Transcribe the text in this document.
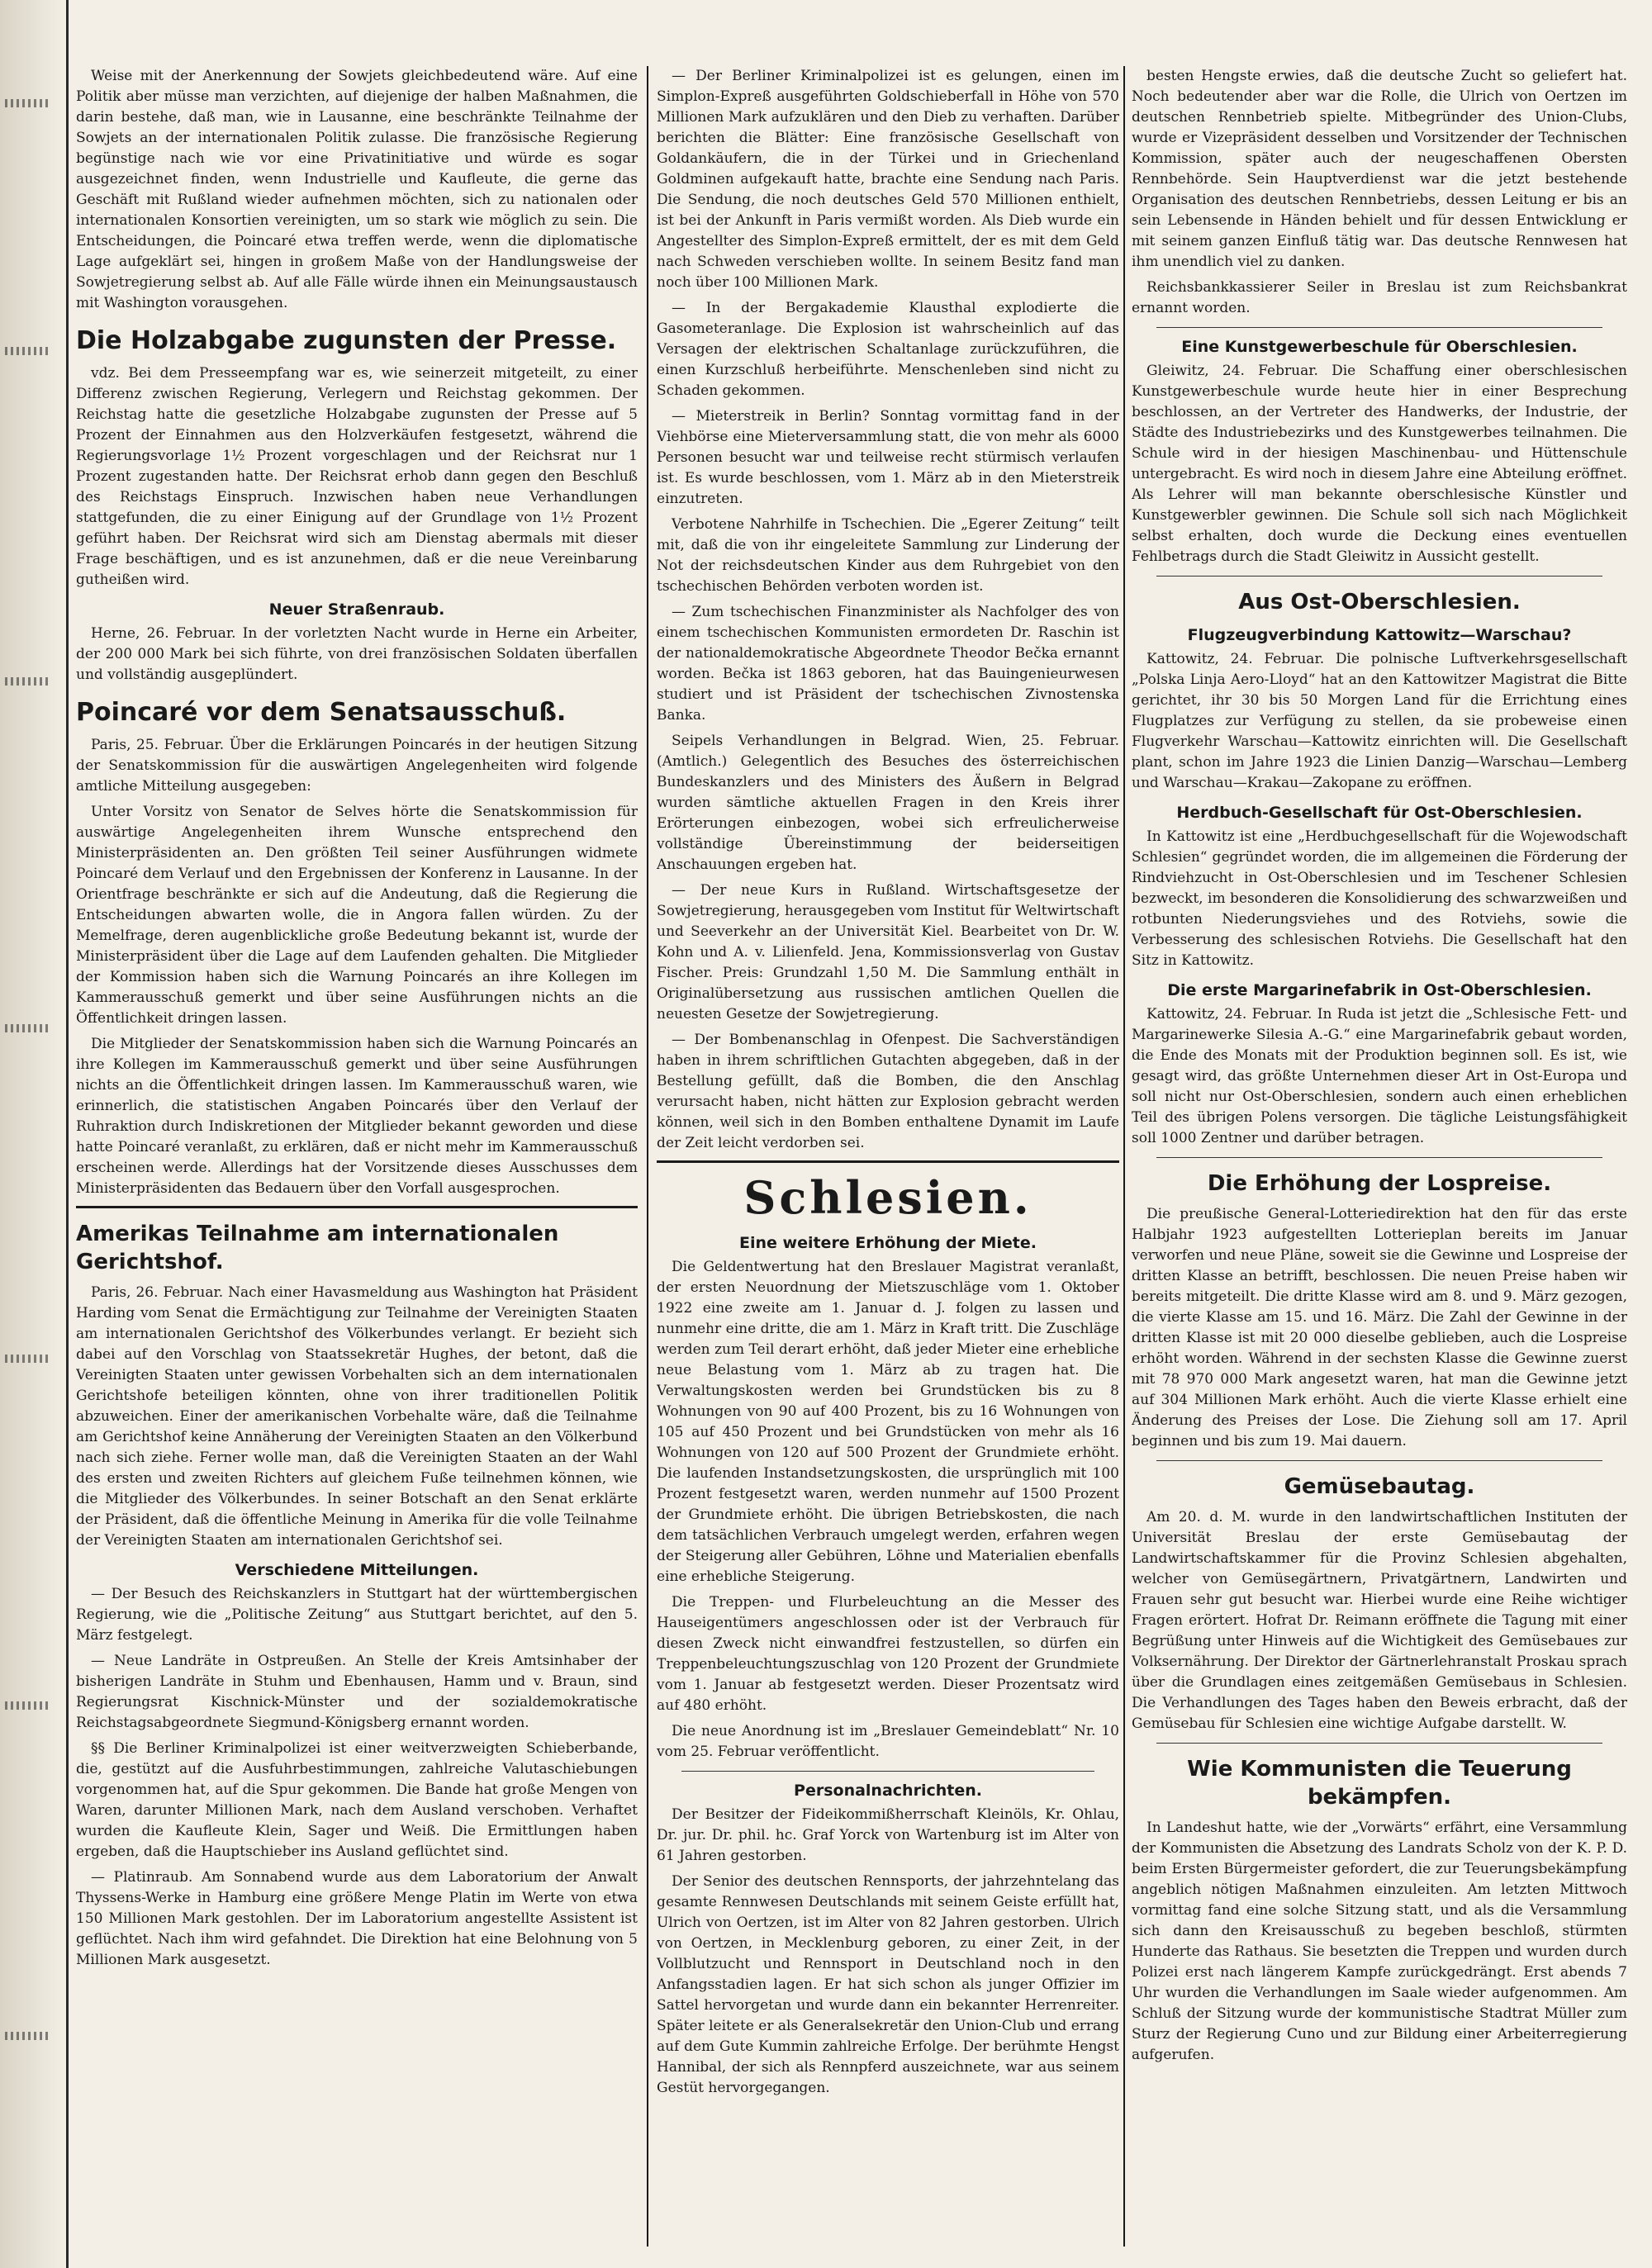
Weise mit der Anerkennung der Sowjets gleichbedeutend wäre. Auf eine Politik aber müsse man verzichten, auf diejenige der halben Maßnahmen, die darin bestehe, daß man, wie in Lausanne, eine beschränkte Teilnahme der Sowjets an der internationalen Politik zulasse. Die französische Regierung begünstige nach wie vor eine Privatinitiative und würde es sogar ausgezeichnet finden, wenn Industrielle und Kaufleute, die gerne das Geschäft mit Rußland wieder aufnehmen möchten, sich zu nationalen oder internationalen Konsortien vereinigten, um so stark wie möglich zu sein. Die Entscheidungen, die Poincaré etwa treffen werde, wenn die diplomatische Lage aufgeklärt sei, hingen in großem Maße von der Handlungsweise der Sowjetregierung selbst ab. Auf alle Fälle würde ihnen ein Meinungsaustausch mit Washington vorausgehen.

Die Holzabgabe zugunsten der Presse.

vdz. Bei dem Presseempfang war es, wie seinerzeit mitgeteilt, zu einer Differenz zwischen Regierung, Verlegern und Reichstag gekommen. Der Reichstag hatte die gesetzliche Holzabgabe zugunsten der Presse auf 5 Prozent der Einnahmen aus den Holzverkäufen festgesetzt, während die Regierungsvorlage 1½ Prozent vorgeschlagen und der Reichsrat nur 1 Prozent zugestanden hatte. Der Reichsrat erhob dann gegen den Beschluß des Reichstags Einspruch. Inzwischen haben neue Verhandlungen stattgefunden, die zu einer Einigung auf der Grundlage von 1½ Prozent geführt haben. Der Reichsrat wird sich am Dienstag abermals mit dieser Frage beschäftigen, und es ist anzunehmen, daß er die neue Vereinbarung gutheißen wird.

Neuer Straßenraub.

Herne, 26. Februar. In der vorletzten Nacht wurde in Herne ein Arbeiter, der 200 000 Mark bei sich führte, von drei französischen Soldaten überfallen und vollständig ausgeplündert.

Poincaré vor dem Senatsausschuß.

Paris, 25. Februar. Über die Erklärungen Poincarés in der heutigen Sitzung der Senatskommission für die auswärtigen Angelegenheiten wird folgende amtliche Mitteilung ausgegeben:

Unter Vorsitz von Senator de Selves hörte die Senatskommission für auswärtige Angelegenheiten ihrem Wunsche entsprechend den Ministerpräsidenten an. Den größten Teil seiner Ausführungen widmete Poincaré dem Verlauf und den Ergebnissen der Konferenz in Lausanne. In der Orientfrage beschränkte er sich auf die Andeutung, daß die Regierung die Entscheidungen abwarten wolle, die in Angora fallen würden. Zu der Memelfrage, deren augenblickliche große Bedeutung bekannt ist, wurde der Ministerpräsident über die Lage auf dem Laufenden gehalten. Die Mitglieder der Kommission haben sich die Warnung Poincarés an ihre Kollegen im Kammerausschuß gemerkt und über seine Ausführungen nichts an die Öffentlichkeit dringen lassen.

Die Mitglieder der Senatskommission haben sich die Warnung Poincarés an ihre Kollegen im Kammerausschuß gemerkt und über seine Ausführungen nichts an die Öffentlichkeit dringen lassen. Im Kammerausschuß waren, wie erinnerlich, die statistischen Angaben Poincarés über den Verlauf der Ruhraktion durch Indiskretionen der Mitglieder bekannt geworden und diese hatte Poincaré veranlaßt, zu erklären, daß er nicht mehr im Kammerausschuß erscheinen werde. Allerdings hat der Vorsitzende dieses Ausschusses dem Ministerpräsidenten das Bedauern über den Vorfall ausgesprochen.

Amerikas Teilnahme am internationalen Gerichtshof.

Paris, 26. Februar. Nach einer Havasmeldung aus Washington hat Präsident Harding vom Senat die Ermächtigung zur Teilnahme der Vereinigten Staaten am internationalen Gerichtshof des Völkerbundes verlangt. Er bezieht sich dabei auf den Vorschlag von Staatssekretär Hughes, der betont, daß die Vereinigten Staaten unter gewissen Vorbehalten sich an dem internationalen Gerichtshofe beteiligen könnten, ohne von ihrer traditionellen Politik abzuweichen. Einer der amerikanischen Vorbehalte wäre, daß die Teilnahme am Gerichtshof keine Annäherung der Vereinigten Staaten an den Völkerbund nach sich ziehe. Ferner wolle man, daß die Vereinigten Staaten an der Wahl des ersten und zweiten Richters auf gleichem Fuße teilnehmen können, wie die Mitglieder des Völkerbundes. In seiner Botschaft an den Senat erklärte der Präsident, daß die öffentliche Meinung in Amerika für die volle Teilnahme der Vereinigten Staaten am internationalen Gerichtshof sei.

Verschiedene Mitteilungen.

— Der Besuch des Reichskanzlers in Stuttgart hat der württembergischen Regierung, wie die „Politische Zeitung“ aus Stuttgart berichtet, auf den 5. März festgelegt.

— Neue Landräte in Ostpreußen. An Stelle der Kreis Amtsinhaber der bisherigen Landräte in Stuhm und Ebenhausen, Hamm und v. Braun, sind Regierungsrat Kischnick-Münster und der sozialdemokratische Reichstagsabgeordnete Siegmund-Königsberg ernannt worden.

§§ Die Berliner Kriminalpolizei ist einer weitverzweigten Schieberbande, die, gestützt auf die Ausfuhrbestimmungen, zahlreiche Valutaschiebungen vorgenommen hat, auf die Spur gekommen. Die Bande hat große Mengen von Waren, darunter Millionen Mark, nach dem Ausland verschoben. Verhaftet wurden die Kaufleute Klein, Sager und Weiß. Die Ermittlungen haben ergeben, daß die Hauptschieber ins Ausland geflüchtet sind.

— Platinraub. Am Sonnabend wurde aus dem Laboratorium der Anwalt Thyssens-Werke in Hamburg eine größere Menge Platin im Werte von etwa 150 Millionen Mark gestohlen. Der im Laboratorium angestellte Assistent ist geflüchtet. Nach ihm wird gefahndet. Die Direktion hat eine Belohnung von 5 Millionen Mark ausgesetzt.

— Der Berliner Kriminalpolizei ist es gelungen, einen im Simplon-Expreß ausgeführten Goldschieberfall in Höhe von 570 Millionen Mark aufzuklären und den Dieb zu verhaften. Darüber berichten die Blätter: Eine französische Gesellschaft von Goldankäufern, die in der Türkei und in Griechenland Goldminen aufgekauft hatte, brachte eine Sendung nach Paris. Die Sendung, die noch deutsches Geld 570 Millionen enthielt, ist bei der Ankunft in Paris vermißt worden. Als Dieb wurde ein Angestellter des Simplon-Expreß ermittelt, der es mit dem Geld nach Schweden verschieben wollte. In seinem Besitz fand man noch über 100 Millionen Mark.

— In der Bergakademie Klausthal explodierte die Gasometeranlage. Die Explosion ist wahrscheinlich auf das Versagen der elektrischen Schaltanlage zurückzuführen, die einen Kurzschluß herbeiführte. Menschenleben sind nicht zu Schaden gekommen.

— Mieterstreik in Berlin? Sonntag vormittag fand in der Viehbörse eine Mieterversammlung statt, die von mehr als 6000 Personen besucht war und teilweise recht stürmisch verlaufen ist. Es wurde beschlossen, vom 1. März ab in den Mieterstreik einzutreten.

Verbotene Nahrhilfe in Tschechien. Die „Egerer Zeitung“ teilt mit, daß die von ihr eingeleitete Sammlung zur Linderung der Not der reichsdeutschen Kinder aus dem Ruhrgebiet von den tschechischen Behörden verboten worden ist.

— Zum tschechischen Finanzminister als Nachfolger des von einem tschechischen Kommunisten ermordeten Dr. Raschin ist der nationaldemokratische Abgeordnete Theodor Bečka ernannt worden. Bečka ist 1863 geboren, hat das Bauingenieurwesen studiert und ist Präsident der tschechischen Zivnostenska Banka.

Seipels Verhandlungen in Belgrad. Wien, 25. Februar. (Amtlich.) Gelegentlich des Besuches des österreichischen Bundeskanzlers und des Ministers des Äußern in Belgrad wurden sämtliche aktuellen Fragen in den Kreis ihrer Erörterungen einbezogen, wobei sich erfreulicherweise vollständige Übereinstimmung der beiderseitigen Anschauungen ergeben hat.

— Der neue Kurs in Rußland. Wirtschaftsgesetze der Sowjetregierung, herausgegeben vom Institut für Weltwirtschaft und Seeverkehr an der Universität Kiel. Bearbeitet von Dr. W. Kohn und A. v. Lilienfeld. Jena, Kommissionsverlag von Gustav Fischer. Preis: Grundzahl 1,50 M. Die Sammlung enthält in Originalübersetzung aus russischen amtlichen Quellen die neuesten Gesetze der Sowjetregierung.

— Der Bombenanschlag in Ofenpest. Die Sachverständigen haben in ihrem schriftlichen Gutachten abgegeben, daß in der Bestellung gefüllt, daß die Bomben, die den Anschlag verursacht haben, nicht hätten zur Explosion gebracht werden können, weil sich in den Bomben enthaltene Dynamit im Laufe der Zeit leicht verdorben sei.

Schlesien.
Eine weitere Erhöhung der Miete.

Die Geldentwertung hat den Breslauer Magistrat veranlaßt, der ersten Neuordnung der Mietszuschläge vom 1. Oktober 1922 eine zweite am 1. Januar d. J. folgen zu lassen und nunmehr eine dritte, die am 1. März in Kraft tritt. Die Zuschläge werden zum Teil derart erhöht, daß jeder Mieter eine erhebliche neue Belastung vom 1. März ab zu tragen hat. Die Verwaltungskosten werden bei Grundstücken bis zu 8 Wohnungen von 90 auf 400 Prozent, bis zu 16 Wohnungen von 105 auf 450 Prozent und bei Grundstücken von mehr als 16 Wohnungen von 120 auf 500 Prozent der Grundmiete erhöht. Die laufenden Instandsetzungskosten, die ursprünglich mit 100 Prozent festgesetzt waren, werden nunmehr auf 1500 Prozent der Grundmiete erhöht. Die übrigen Betriebskosten, die nach dem tatsächlichen Verbrauch umgelegt werden, erfahren wegen der Steigerung aller Gebühren, Löhne und Materialien ebenfalls eine erhebliche Steigerung.

Die Treppen- und Flurbeleuchtung an die Messer des Hauseigentümers angeschlossen oder ist der Verbrauch für diesen Zweck nicht einwandfrei festzustellen, so dürfen ein Treppenbeleuchtungszuschlag von 120 Prozent der Grundmiete vom 1. Januar ab festgesetzt werden. Dieser Prozentsatz wird auf 480 erhöht.

Die neue Anordnung ist im „Breslauer Gemeindeblatt“ Nr. 10 vom 25. Februar veröffentlicht.

Personalnachrichten.

Der Besitzer der Fideikommißherrschaft Kleinöls, Kr. Ohlau, Dr. jur. Dr. phil. hc. Graf Yorck von Wartenburg ist im Alter von 61 Jahren gestorben.

Der Senior des deutschen Rennsports, der jahrzehntelang das gesamte Rennwesen Deutschlands mit seinem Geiste erfüllt hat, Ulrich von Oertzen, ist im Alter von 82 Jahren gestorben. Ulrich von Oertzen, in Mecklenburg geboren, zu einer Zeit, in der Vollblutzucht und Rennsport in Deutschland noch in den Anfangsstadien lagen. Er hat sich schon als junger Offizier im Sattel hervorgetan und wurde dann ein bekannter Herrenreiter. Später leitete er als Generalsekretär den Union-Club und errang auf dem Gute Kummin zahlreiche Erfolge. Der berühmte Hengst Hannibal, der sich als Rennpferd auszeichnete, war aus seinem Gestüt hervorgegangen.

besten Hengste erwies, daß die deutsche Zucht so geliefert hat. Noch bedeutender aber war die Rolle, die Ulrich von Oertzen im deutschen Rennbetrieb spielte. Mitbegründer des Union-Clubs, wurde er Vizepräsident desselben und Vorsitzender der Technischen Kommission, später auch der neugeschaffenen Obersten Rennbehörde. Sein Hauptverdienst war die jetzt bestehende Organisation des deutschen Rennbetriebs, dessen Leitung er bis an sein Lebensende in Händen behielt und für dessen Entwicklung er mit seinem ganzen Einfluß tätig war. Das deutsche Rennwesen hat ihm unendlich viel zu danken.

Reichsbankkassierer Seiler in Breslau ist zum Reichsbankrat ernannt worden.

Eine Kunstgewerbeschule für Oberschlesien.

Gleiwitz, 24. Februar. Die Schaffung einer oberschlesischen Kunstgewerbeschule wurde heute hier in einer Besprechung beschlossen, an der Vertreter des Handwerks, der Industrie, der Städte des Industriebezirks und des Kunstgewerbes teilnahmen. Die Schule wird in der hiesigen Maschinenbau- und Hüttenschule untergebracht. Es wird noch in diesem Jahre eine Abteilung eröffnet. Als Lehrer will man bekannte oberschlesische Künstler und Kunstgewerbler gewinnen. Die Schule soll sich nach Möglichkeit selbst erhalten, doch wurde die Deckung eines eventuellen Fehlbetrags durch die Stadt Gleiwitz in Aussicht gestellt.

Aus Ost-Oberschlesien.
Flugzeugverbindung Kattowitz—Warschau?

Kattowitz, 24. Februar. Die polnische Luftverkehrsgesellschaft „Polska Linja Aero-Lloyd“ hat an den Kattowitzer Magistrat die Bitte gerichtet, ihr 30 bis 50 Morgen Land für die Errichtung eines Flugplatzes zur Verfügung zu stellen, da sie probeweise einen Flugverkehr Warschau—Kattowitz einrichten will. Die Gesellschaft plant, schon im Jahre 1923 die Linien Danzig—Warschau—Lemberg und Warschau—Krakau—Zakopane zu eröffnen.

Herdbuch-Gesellschaft für Ost-Oberschlesien.

In Kattowitz ist eine „Herdbuchgesellschaft für die Wojewodschaft Schlesien“ gegründet worden, die im allgemeinen die Förderung der Rindviehzucht in Ost-Oberschlesien und im Teschener Schlesien bezweckt, im besonderen die Konsolidierung des schwarzweißen und rotbunten Niederungsviehes und des Rotviehs, sowie die Verbesserung des schlesischen Rotviehs. Die Gesellschaft hat den Sitz in Kattowitz.

Die erste Margarinefabrik in Ost-Oberschlesien.

Kattowitz, 24. Februar. In Ruda ist jetzt die „Schlesische Fett- und Margarinewerke Silesia A.-G.“ eine Margarinefabrik gebaut worden, die Ende des Monats mit der Produktion beginnen soll. Es ist, wie gesagt wird, das größte Unternehmen dieser Art in Ost-Europa und soll nicht nur Ost-Oberschlesien, sondern auch einen erheblichen Teil des übrigen Polens versorgen. Die tägliche Leistungsfähigkeit soll 1000 Zentner und darüber betragen.

Die Erhöhung der Lospreise.

Die preußische General-Lotteriedirektion hat den für das erste Halbjahr 1923 aufgestellten Lotterieplan bereits im Januar verworfen und neue Pläne, soweit sie die Gewinne und Lospreise der dritten Klasse an betrifft, beschlossen. Die neuen Preise haben wir bereits mitgeteilt. Die dritte Klasse wird am 8. und 9. März gezogen, die vierte Klasse am 15. und 16. März. Die Zahl der Gewinne in der dritten Klasse ist mit 20 000 dieselbe geblieben, auch die Lospreise erhöht worden. Während in der sechsten Klasse die Gewinne zuerst mit 78 970 000 Mark angesetzt waren, hat man die Gewinne jetzt auf 304 Millionen Mark erhöht. Auch die vierte Klasse erhielt eine Änderung des Preises der Lose. Die Ziehung soll am 17. April beginnen und bis zum 19. Mai dauern.

Gemüsebautag.

Am 20. d. M. wurde in den landwirtschaftlichen Instituten der Universität Breslau der erste Gemüsebautag der Landwirtschaftskammer für die Provinz Schlesien abgehalten, welcher von Gemüsegärtnern, Privatgärtnern, Landwirten und Frauen sehr gut besucht war. Hierbei wurde eine Reihe wichtiger Fragen erörtert. Hofrat Dr. Reimann eröffnete die Tagung mit einer Begrüßung unter Hinweis auf die Wichtigkeit des Gemüsebaues zur Volksernährung. Der Direktor der Gärtnerlehranstalt Proskau sprach über die Grundlagen eines zeitgemäßen Gemüsebaus in Schlesien. Die Verhandlungen des Tages haben den Beweis erbracht, daß der Gemüsebau für Schlesien eine wichtige Aufgabe darstellt. W.

Wie Kommunisten die Teuerung bekämpfen.

In Landeshut hatte, wie der „Vorwärts“ erfährt, eine Versammlung der Kommunisten die Absetzung des Landrats Scholz von der K. P. D. beim Ersten Bürgermeister gefordert, die zur Teuerungsbekämpfung angeblich nötigen Maßnahmen einzuleiten. Am letzten Mittwoch vormittag fand eine solche Sitzung statt, und als die Versammlung sich dann den Kreisausschuß zu begeben beschloß, stürmten Hunderte das Rathaus. Sie besetzten die Treppen und wurden durch Polizei erst nach längerem Kampfe zurückgedrängt. Erst abends 7 Uhr wurden die Verhandlungen im Saale wieder aufgenommen. Am Schluß der Sitzung wurde der kommunistische Stadtrat Müller zum Sturz der Regierung Cuno und zur Bildung einer Arbeiterregierung aufgerufen.
